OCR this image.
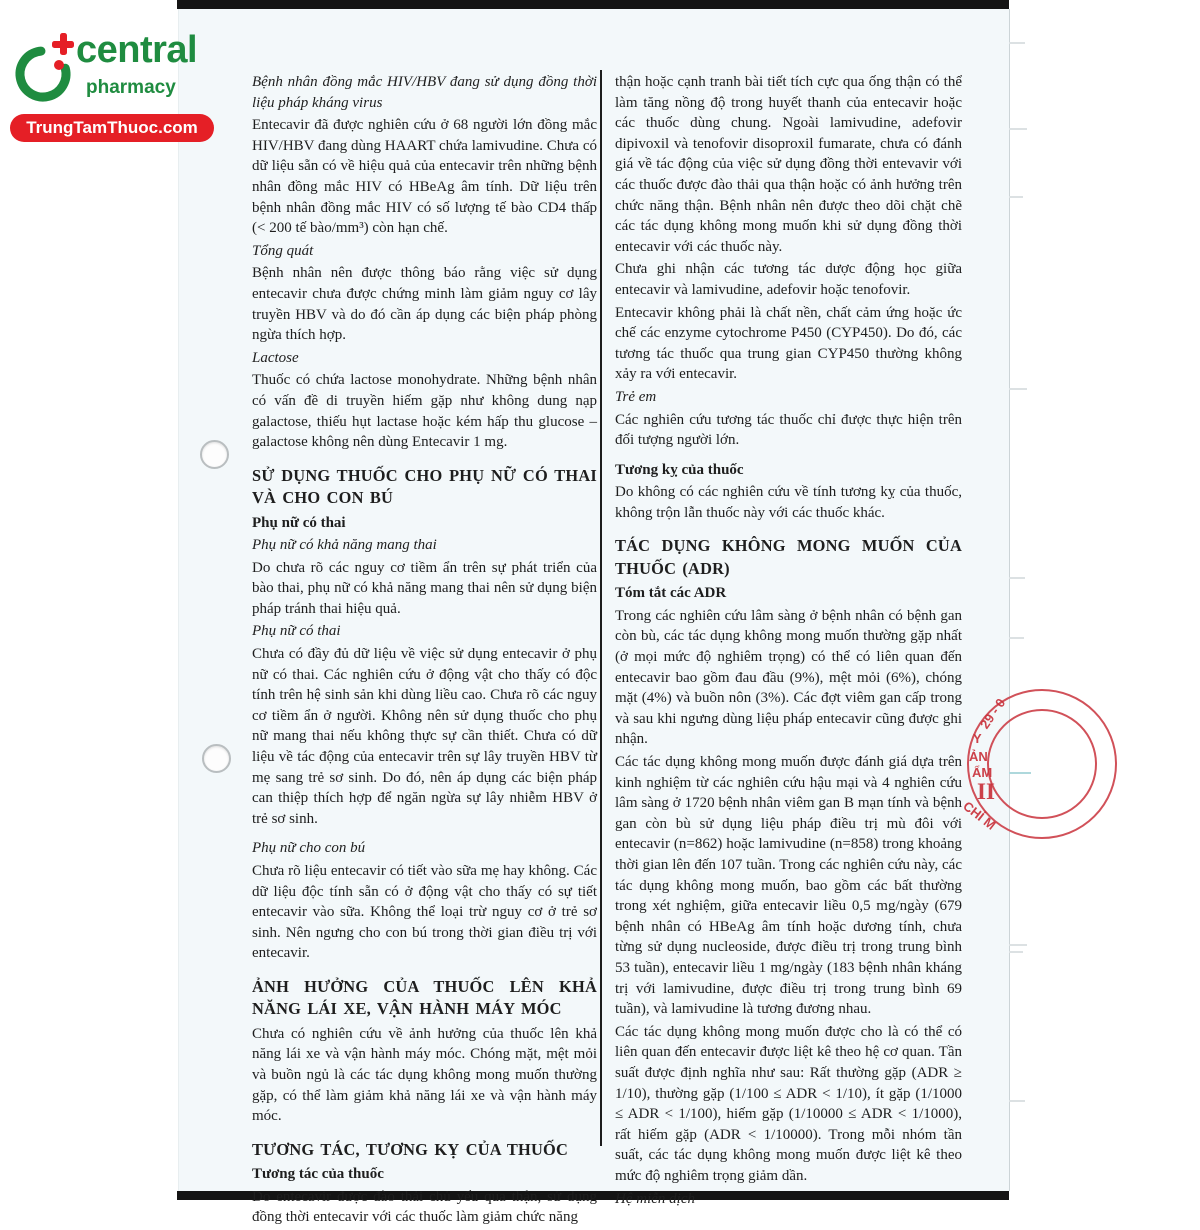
Bệnh nhân đồng mắc HIV/HBV đang sử dụng đồng thời liệu pháp kháng virus
Entecavir đã được nghiên cứu ở 68 người lớn đồng mắc HIV/HBV đang dùng HAART chứa lamivudine. Chưa có dữ liệu sẵn có về hiệu quả của entecavir trên những bệnh nhân đồng mắc HIV có HBeAg âm tính. Dữ liệu trên bệnh nhân đồng mắc HIV có số lượng tế bào CD4 thấp (< 200 tế bào/mm³) còn hạn chế.
Tổng quát
Bệnh nhân nên được thông báo rằng việc sử dụng entecavir chưa được chứng minh làm giảm nguy cơ lây truyền HBV và do đó cần áp dụng các biện pháp phòng ngừa thích hợp.
Lactose
Thuốc có chứa lactose monohydrate. Những bệnh nhân có vấn đề di truyền hiếm gặp như không dung nạp galactose, thiếu hụt lactase hoặc kém hấp thu glucose – galactose không nên dùng Entecavir 1 mg.
SỬ DỤNG THUỐC CHO PHỤ NỮ CÓ THAI VÀ CHO CON BÚ
Phụ nữ có thai
Phụ nữ có khả năng mang thai
Do chưa rõ các nguy cơ tiềm ẩn trên sự phát triển của bào thai, phụ nữ có khả năng mang thai nên sử dụng biện pháp tránh thai hiệu quả.
Phụ nữ có thai
Chưa có đầy đủ dữ liệu về việc sử dụng entecavir ở phụ nữ có thai. Các nghiên cứu ở động vật cho thấy có độc tính trên hệ sinh sản khi dùng liều cao. Chưa rõ các nguy cơ tiềm ẩn ở người. Không nên sử dụng thuốc cho phụ nữ mang thai nếu không thực sự cần thiết. Chưa có dữ liệu về tác động của entecavir trên sự lây truyền HBV từ mẹ sang trẻ sơ sinh. Do đó, nên áp dụng các biện pháp can thiệp thích hợp để ngăn ngừa sự lây nhiễm HBV ở trẻ sơ sinh.
Phụ nữ cho con bú
Chưa rõ liệu entecavir có tiết vào sữa mẹ hay không. Các dữ liệu độc tính sẵn có ở động vật cho thấy có sự tiết entecavir vào sữa. Không thể loại trừ nguy cơ ở trẻ sơ sinh. Nên ngưng cho con bú trong thời gian điều trị với entecavir.
ẢNH HƯỞNG CỦA THUỐC LÊN KHẢ NĂNG LÁI XE, VẬN HÀNH MÁY MÓC
Chưa có nghiên cứu về ảnh hưởng của thuốc lên khả năng lái xe và vận hành máy móc. Chóng mặt, mệt mỏi và buồn ngủ là các tác dụng không mong muốn thường gặp, có thể làm giảm khả năng lái xe và vận hành máy móc.
TƯƠNG TÁC, TƯƠNG KỴ CỦA THUỐC
Tương tác của thuốc
Do entecavir được đào thải chủ yếu qua thận, sử dụng đồng thời entecavir với các thuốc làm giảm chức năng
thận hoặc cạnh tranh bài tiết tích cực qua ống thận có thể làm tăng nồng độ trong huyết thanh của entecavir hoặc các thuốc dùng chung. Ngoài lamivudine, adefovir dipivoxil và tenofovir disoproxil fumarate, chưa có đánh giá về tác động của việc sử dụng đồng thời entevavir với các thuốc được đào thải qua thận hoặc có ảnh hưởng trên chức năng thận. Bệnh nhân nên được theo dõi chặt chẽ các tác dụng không mong muốn khi sử dụng đồng thời entecavir với các thuốc này.
Chưa ghi nhận các tương tác dược động học giữa entecavir và lamivudine, adefovir hoặc tenofovir.
Entecavir không phải là chất nền, chất cảm ứng hoặc ức chế các enzyme cytochrome P450 (CYP450). Do đó, các tương tác thuốc qua trung gian CYP450 thường không xảy ra với entecavir.
Trẻ em
Các nghiên cứu tương tác thuốc chỉ được thực hiện trên đối tượng người lớn.
Tương kỵ của thuốc
Do không có các nghiên cứu về tính tương kỵ của thuốc, không trộn lẫn thuốc này với các thuốc khác.
TÁC DỤNG KHÔNG MONG MUỐN CỦA THUỐC (ADR)
Tóm tắt các ADR
Trong các nghiên cứu lâm sàng ở bệnh nhân có bệnh gan còn bù, các tác dụng không mong muốn thường gặp nhất (ở mọi mức độ nghiêm trọng) có thể có liên quan đến entecavir bao gồm đau đầu (9%), mệt mỏi (6%), chóng mặt (4%) và buồn nôn (3%). Các đợt viêm gan cấp trong và sau khi ngưng dùng liệu pháp entecavir cũng được ghi nhận.
Các tác dụng không mong muốn được đánh giá dựa trên kinh nghiệm từ các nghiên cứu hậu mại và 4 nghiên cứu lâm sàng ở 1720 bệnh nhân viêm gan B mạn tính và bệnh gan còn bù sử dụng liệu pháp điều trị mù đôi với entecavir (n=862) hoặc lamivudine (n=858) trong khoảng thời gian lên đến 107 tuần. Trong các nghiên cứu này, các tác dụng không mong muốn, bao gồm các bất thường trong xét nghiệm, giữa entecavir liều 0,5 mg/ngày (679 bệnh nhân có HBeAg âm tính hoặc dương tính, chưa từng sử dụng nucleoside, được điều trị trong trung bình 53 tuần), entecavir liều 1 mg/ngày (183 bệnh nhân kháng trị với lamivudine, được điều trị trong trung bình 69 tuần), và lamivudine là tương đương nhau.
Các tác dụng không mong muốn được cho là có thể có liên quan đến entecavir được liệt kê theo hệ cơ quan. Tần suất được định nghĩa như sau: Rất thường gặp (ADR ≥ 1/10), thường gặp (1/100 ≤ ADR < 1/10), ít gặp (1/1000 ≤ ADR < 1/100), hiếm gặp (1/10000 ≤ ADR < 1/1000), rất hiếm gặp (ADR < 1/10000). Trong mỗi nhóm tần suất, các tác dụng không mong muốn được liệt kê theo mức độ nghiêm trọng giảm dần.
Hệ miễn dịch
29 - 0
Y
ẢN
ẨM
II
CHỈ M
central
pharmacy
TrungTamThuoc.com
